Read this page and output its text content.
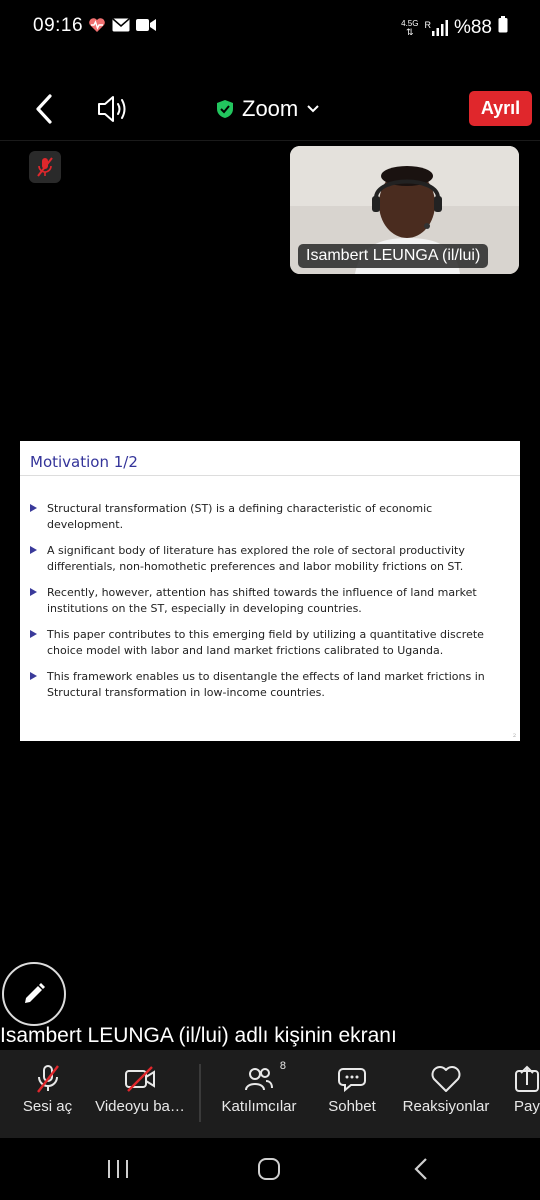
09:16	4.5G
⇅
R %88
Zoom	Ayrıl
Isambert LEUNGA (il/lui)
Motivation 1/2
Structural transformation (ST) is a defining characteristic of economic
development.
A significant body of literature has explored the role of sectoral productivity
differentials, non-homothetic preferences and labor mobility frictions on ST.
Recently, however, attention has shifted towards the influence of land market
institutions on the ST, especially in developing countries.
This paper contributes to this emerging field by utilizing a quantitative discrete
choice model with labor and land market frictions calibrated to Uganda.
This framework enables us to disentangle the effects of land market frictions in
Structural transformation in low-income countries.
2
Isambert LEUNGA (il/lui) adlı kişinin ekranı
Sesi aç Videoyu ba…
8
Katılımcılar Sohbet Reaksiyonlar Pay
